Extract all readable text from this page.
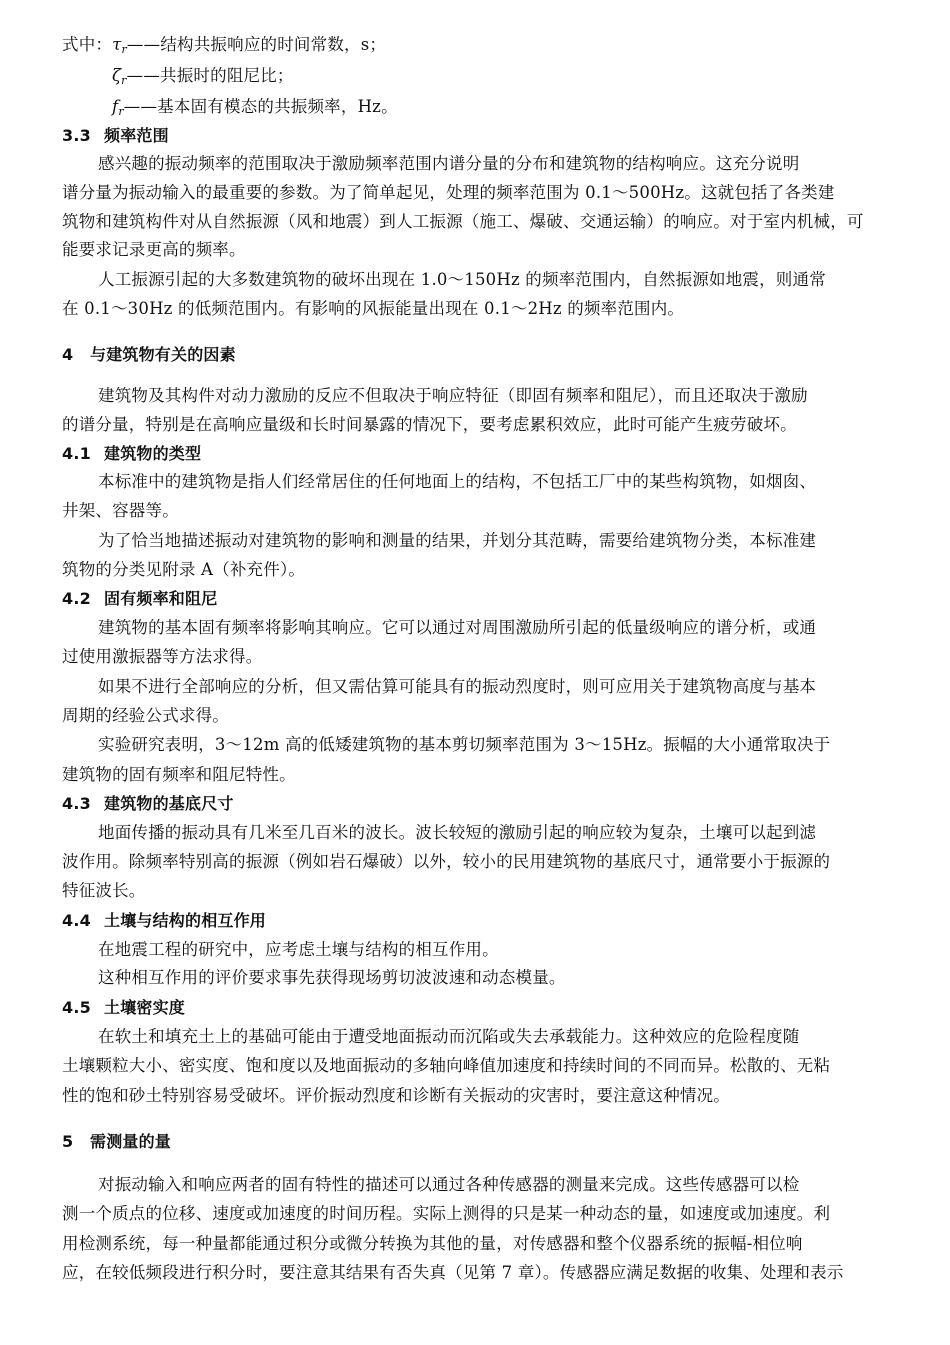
式中：$\tau_r——$结构共振响应的时间常数，s；
$\zeta_r——$共振时的阻尼比；
$f_r——$基本固有模态的共振频率，Hz。
3.3 频率范围
感兴趣的振动频率的范围取决于激励频率范围内谱分量的分布和建筑物的结构响应。这充分说明
谱分量为振动输入的最重要的参数。为了简单起见，处理的频率范围为 0.1～500Hz。这就包括了各类建
筑物和建筑构件对从自然振源（风和地震）到人工振源（施工、爆破、交通运输）的响应。对于室内机械，可
能要求记录更高的频率。
人工振源引起的大多数建筑物的破坏出现在 1.0～150Hz 的频率范围内，自然振源如地震，则通常
在 0.1～30Hz 的低频范围内。有影响的风振能量出现在 0.1～2Hz 的频率范围内。
4 与建筑物有关的因素
建筑物及其构件对动力激励的反应不但取决于响应特征（即固有频率和阻尼），而且还取决于激励
的谱分量，特别是在高响应量级和长时间暴露的情况下，要考虑累积效应，此时可能产生疲劳破坏。
4.1 建筑物的类型
本标准中的建筑物是指人们经常居住的任何地面上的结构，不包括工厂中的某些构筑物，如烟囱、
井架、容器等。
为了恰当地描述振动对建筑物的影响和测量的结果，并划分其范畴，需要给建筑物分类，本标准建
筑物的分类见附录 A（补充件）。
4.2 固有频率和阻尼
建筑物的基本固有频率将影响其响应。它可以通过对周围激励所引起的低量级响应的谱分析，或通
过使用激振器等方法求得。
如果不进行全部响应的分析，但又需估算可能具有的振动烈度时，则可应用关于建筑物高度与基本
周期的经验公式求得。
实验研究表明，3～12m 高的低矮建筑物的基本剪切频率范围为 3～15Hz。振幅的大小通常取决于
建筑物的固有频率和阻尼特性。
4.3 建筑物的基底尺寸
地面传播的振动具有几米至几百米的波长。波长较短的激励引起的响应较为复杂，土壤可以起到滤
波作用。除频率特别高的振源（例如岩石爆破）以外，较小的民用建筑物的基底尺寸，通常要小于振源的
特征波长。
4.4 土壤与结构的相互作用
在地震工程的研究中，应考虑土壤与结构的相互作用。
这种相互作用的评价要求事先获得现场剪切波波速和动态模量。
4.5 土壤密实度
在软土和填充土上的基础可能由于遭受地面振动而沉陷或失去承载能力。这种效应的危险程度随
土壤颗粒大小、密实度、饱和度以及地面振动的多轴向峰值加速度和持续时间的不同而异。松散的、无粘
性的饱和砂土特别容易受破坏。评价振动烈度和诊断有关振动的灾害时，要注意这种情况。
5 需测量的量
对振动输入和响应两者的固有特性的描述可以通过各种传感器的测量来完成。这些传感器可以检
测一个质点的位移、速度或加速度的时间历程。实际上测得的只是某一种动态的量，如速度或加速度。利
用检测系统，每一种量都能通过积分或微分转换为其他的量，对传感器和整个仪器系统的振幅-相位响
应，在较低频段进行积分时，要注意其结果有否失真（见第 7 章）。传感器应满足数据的收集、处理和表示
